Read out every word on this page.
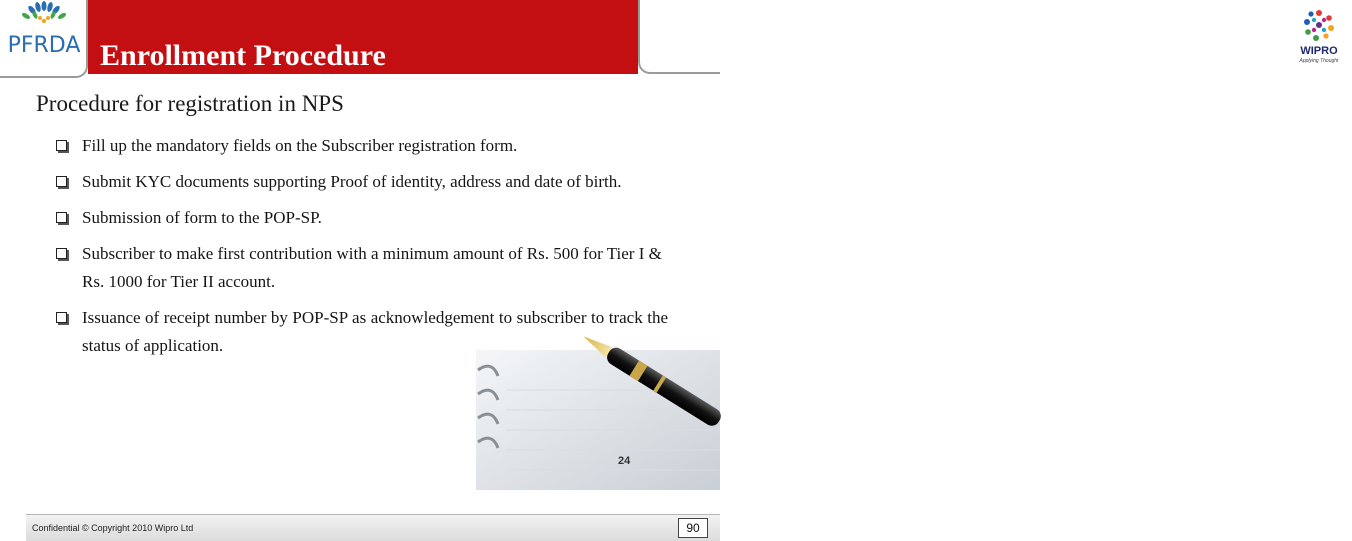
PFRDA Enrollment Procedure	WIPRO
Applying Thought
Procedure for registration in NPS
Fill up the mandatory fields on the Subscriber registration form.
Submit KYC documents supporting Proof of identity, address and date of birth.
Submission of form to the POP-SP.
Subscriber to make first contribution with a minimum amount of Rs. 500 for Tier I & Rs. 1000 for Tier II account.
Issuance of receipt number by POP-SP as acknowledgement to subscriber to track the status of application.
24
Confidential © Copyright 2010 Wipro Ltd	90
